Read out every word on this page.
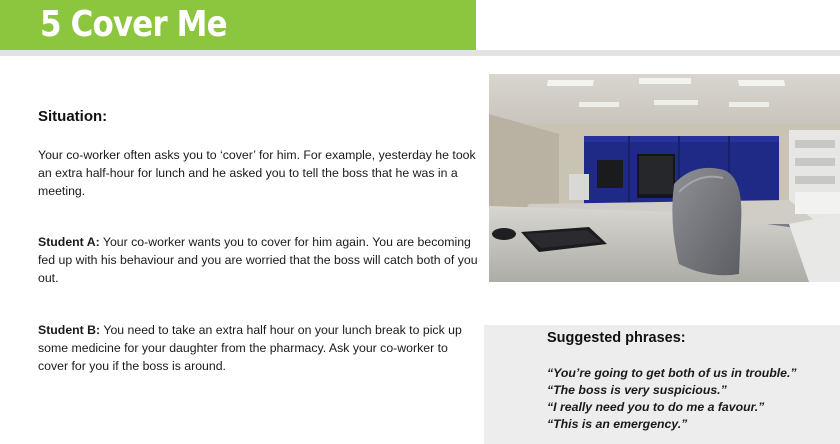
5 Cover Me
Situation:

Your co-worker often asks you to ‘cover’ for him. For example, yesterday he took an extra half-hour for lunch and he asked you to tell the boss that he was in a meeting.

Student A: Your co-worker wants you to cover for him again. You are becoming fed up with his behaviour and you are worried that the boss will catch both of you out.

Student B: You need to take an extra half hour on your lunch break to pick up some medicine for your daughter from the pharmacy. Ask your co-worker to cover for you if the boss is around.

Suggested phrases:
“You’re going to get both of us in trouble.”
“The boss is very suspicious.”
“I really need you to do me a favour.”
“This is an emergency.”
